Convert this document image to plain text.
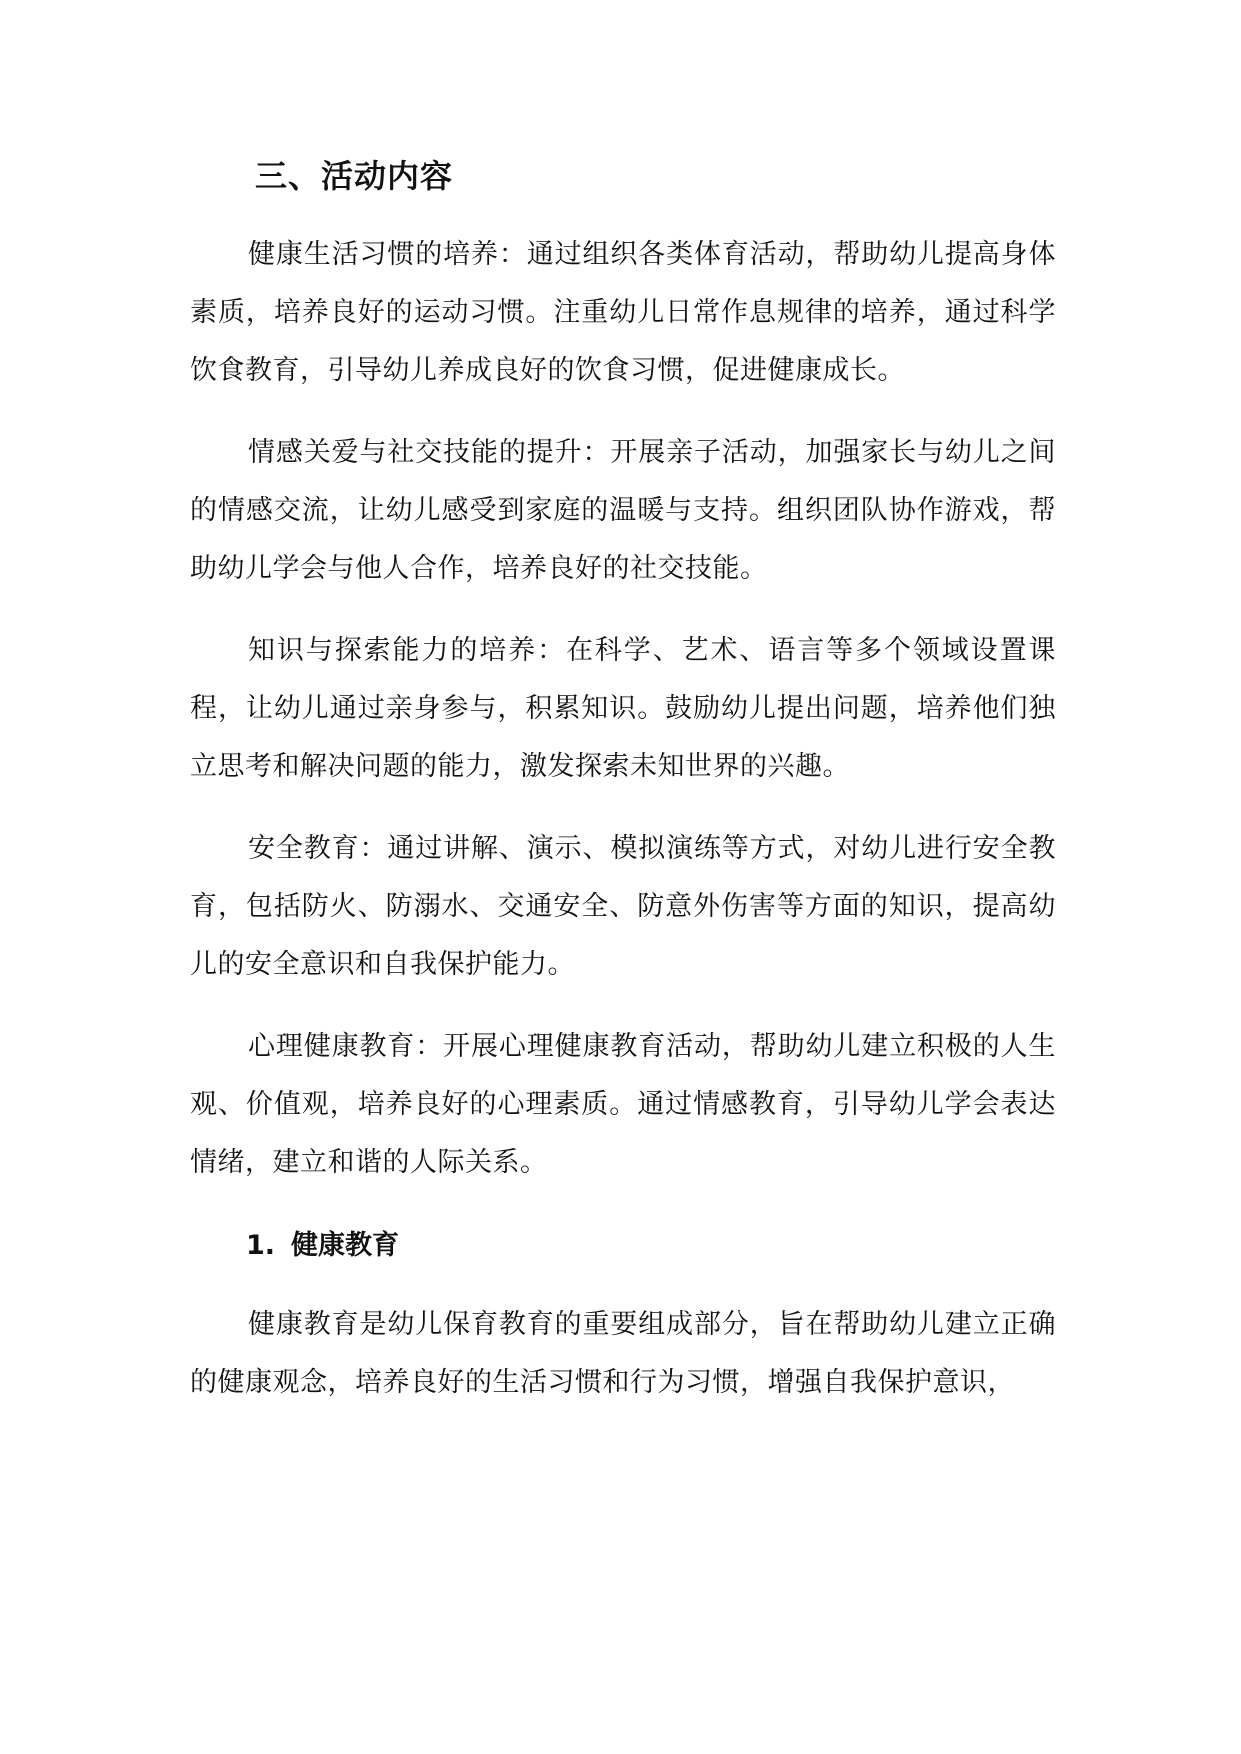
三、活动内容

健康生活习惯的培养：通过组织各类体育活动，帮助幼儿提高身体素质，培养良好的运动习惯。注重幼儿日常作息规律的培养，通过科学饮食教育，引导幼儿养成良好的饮食习惯，促进健康成长。

情感关爱与社交技能的提升：开展亲子活动，加强家长与幼儿之间的情感交流，让幼儿感受到家庭的温暖与支持。组织团队协作游戏，帮助幼儿学会与他人合作，培养良好的社交技能。

知识与探索能力的培养：在科学、艺术、语言等多个领域设置课程，让幼儿通过亲身参与，积累知识。鼓励幼儿提出问题，培养他们独立思考和解决问题的能力，激发探索未知世界的兴趣。

安全教育：通过讲解、演示、模拟演练等方式，对幼儿进行安全教育，包括防火、防溺水、交通安全、防意外伤害等方面的知识，提高幼儿的安全意识和自我保护能力。

心理健康教育：开展心理健康教育活动，帮助幼儿建立积极的人生观、价值观，培养良好的心理素质。通过情感教育，引导幼儿学会表达情绪，建立和谐的人际关系。

1. 健康教育

健康教育是幼儿保育教育的重要组成部分，旨在帮助幼儿建立正确的健康观念，培养良好的生活习惯和行为习惯，增强自我保护意识，
